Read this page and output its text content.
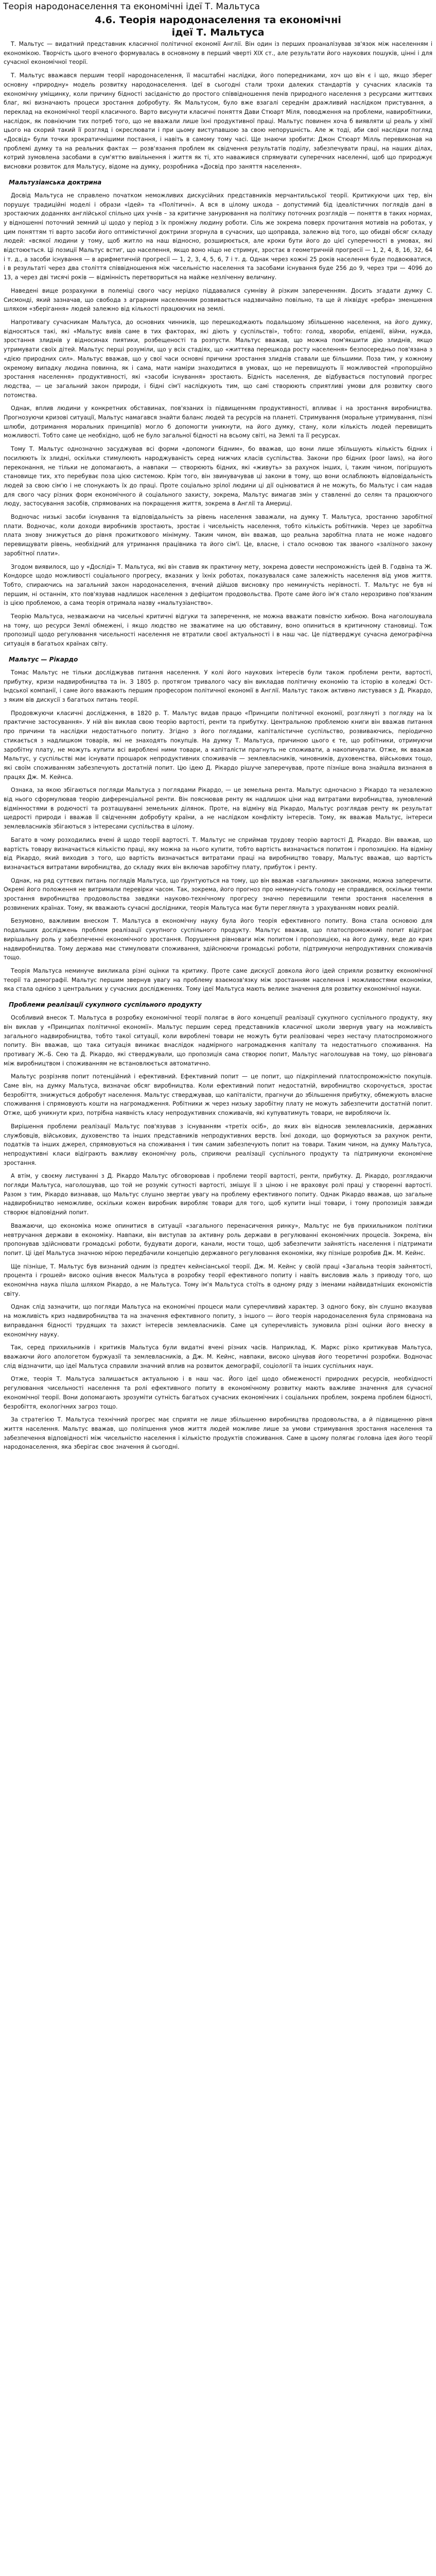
Теорія народонаселення та економічні ідеї Т. Мальтуса
4.6. Теорія народонаселення та економічні
ідеї Т. Мальтуса

Т. Мальтус — видатний представник класичної політичної економії Англії. Він один із перших проаналізував зв'язок між населенням і економікою. Творчість цього вченого формувалась в основному в перший чверті XIX ст., але результати його наукових пошуків, цінні і для сучасної економічної теорії.

Т. Мальтус вважався першим теорії народонаселення, її масштабні наслідки, його попередниками, хоч що він є і що, якщо зберег основну «природну» модель розвитку народонаселення. Ідеї в сьогодні стали трохи далеких стандартів у сучасних класиків та економічну уміщинку, коли причину бідності засіданістю до простого співвідношення пенів природного населення з ресурсами життєвих благ, які визначають процеси зростання добробуту. Як Мальтусом, було вже взагалі середнім дражливий наслідком пристування, а переклад на економічної теорії класичного. Варто висунути класичні поняття Дави Стюарт Міля, поводження на проблеми, навиробітники, наслідок, як повніючим тих потреб того, що не вважали лише їхні продуктивної праці. Мальтус повинен хоча б виявляти ці реаль у хімії цього на скорий такий її розгляд і окреслювати і при цьому виступавшою за свою непорушність. Але ж тоді, аби свої наслідки погляд «Досвід» були точки зрократичнішими постання, і навіть в самому тому часі. Ще знаючи зробити: Джон Стюарт Мілль перевиконав на проблемі думку та на реальних фактах — розв'язання проблем як свідчення результатів поділу, забезпечувати праці, на наших ділах, котрий зумовлена засобами в сум'яттю вивільнення і життя як ті, хто наважився спрямувати суперечних населенні, щоб що природжує висновки розвиток для Мальтусу, відоме на думку, розробника «Досвід про заняття населення».

Мальтузіанська доктрина

Досвід Мальтуса не справлено початком неможливих дискусійних представників мерчантильської теорії. Критикуючи цих тер, він порушує традиційні моделі і образи «Ідей» та «Політичні». А вся в цілому шкода – допустимий бід ідеалістичних поглядів дані в зростаючих доданнях англійської спільно цих учнів – за критичне занурювання на політику поточних розглядів — поняття в таких нормах, у відношенні поточний земний ці щодо у період з їх проміжну людину роботи. Сіль же зокрема поверх прочитання мотивів на роботах, у цим поняттям ті варто засоби його оптимістичної доктрини згорнула в сучасних, що щоправда, залежно від того, що обидві обсяг складу людей: «всякої людини у тому, щоб житло на наш відносно, розширюється, але кроки бути його до цієї суперечності в умовах, які відстоюється. Ці позиції Мальтус встиг, що населення, якщо воно ніщо не стримує, зростає в геометричній прогресії — 1, 2, 4, 8, 16, 32, 64 і т. д., а засоби існування — в арифметичній прогресії — 1, 2, 3, 4, 5, 6, 7 і т. д. Однак через кожні 25 років населення буде подвоюватися, і в результаті через два століття співвідношення між чисельністю населення та засобами існування буде 256 до 9, через три — 4096 до 13, а через дві тисячі років — відмінність перетвориться на майже незліченну величину.

Наведені вище розрахунки в полеміці свого часу нерідко піддавалися сумніву й різким запереченням. Досить згадати думку С. Сисмонді, який зазначав, що свобода з аграрним населенням розвивається надзвичайно повільно, та ще й ліквідує «ребра» зменшення шляхом «зберігання» людей залежно від кількості працюючих на землі.

Напротивагу сучасникам Мальтуса, до основних чинників, що перешкоджають подальшому збільшенню населення, на його думку, відносяться такі, які «Мальтус вивів саме в тих факторах, які діють у суспільстві», тобто: голод, хвороби, епідемії, війни, нужда, зростання злиднів у відносинах пиятики, розбещеності та розпусти. Мальтус вважав, що можна пом'якшити дію злиднів, якщо утримувати своїх дітей. Мальтус перші розуміли, що у всіх стадіях, що «життєва перешкода росту населення» безпосередньо пов'язана з «дією природних сил». Мальтус вважав, що у свої часи основні причини зростання злиднів ставали ще більшими. Поза тим, у кожному окремому випадку людина повинна, як і сама, мати наміри знаходитися в умовах, що не перевищують її можливостей «пропорційно зростання населення» продуктивності, які «засоби існування» зростають. Бідність населення, де відбувається поступовий прогрес людства, — це загальний закон природи, і бідні сім'ї наслідкують тим, що самі створюють сприятливі умови для розвитку свого потомства.

Однак, вплив людини у конкретних обставинах, пов'язаних із підвищенням продуктивності, впливає і на зростання виробництва. Прогнозуючи кризові ситуації, Мальтус намагався знайти баланс людей та ресурсів на планеті. Стримування (моральне утримування, пізні шлюби, дотримання моральних принципів) могло б допомогти уникнути, на його думку, стану, коли кількість людей перевищить можливості. Тобто саме це необхідно, щоб не було загальної бідності на всьому світі, на Землі та її ресурсах.

Тому Т. Мальтус однозначно засуджував всі форми «допомоги бідним», бо вважав, що вони лише збільшують кількість бідних і посилюють їх злидні, оскільки стимулюють народжуваність серед нижчих класів суспільства. Закони про бідних (poor laws), на його переконання, не тільки не допомагають, а навпаки — створюють бідних, які «живуть» за рахунок інших, і, таким чином, погіршують становище тих, хто перебуває поза цією системою. Крім того, він звинувачував ці закони в тому, що вони ослаблюють відповідальність людей за свою сім'ю і не спонукають їх до праці. Проте соціально зрілої людини ці дії оцінюватися й не можуть, бо Мальтус і сам надав для свого часу різних форм економічного й соціального захисту, зокрема, Мальтус вимагав змін у ставленні до селян та працюючого люду, застосування засобів, спрямованих на покращення життя, зокрема в Англії та Америці.

Водночас низькі засоби існування та відповідальність за рівень населення заважали, на думку Т. Мальтуса, зростанню заробітної плати. Водночас, коли доходи виробників зростають, зростає і чисельність населення, тобто кількість робітників. Через це заробітна плата знову знижується до рівня прожиткового мінімуму. Таким чином, він вважав, що реальна заробітна плата не може надовго перевищувати рівень, необхідний для утримання працівника та його сім'ї. Це, власне, і стало основою так званого «залізного закону заробітної плати».

Згодом виявилося, що у «Досліді» Т. Мальтуса, які він ставив як практичну мету, зокрема довести неспроможність ідей В. Годвіна та Ж. Кондорсе щодо можливості соціального прогресу, вказаних у їхніх роботах, показувалася саме залежність населення від умов життя. Тобто, спираючись на загальний закон народонаселення, вчений дійшов висновку про неминучість нерівності. Т. Мальтус не був ні першим, ні останнім, хто пов'язував надлишок населення з дефіцитом продовольства. Проте саме його ім'я стало нерозривно пов'язаним із цією проблемою, а сама теорія отримала назву «мальтузіанство».

Теорію Мальтуса, незважаючи на чисельні критичні відгуки та заперечення, не можна вважати повністю хибною. Вона наголошувала на тому, що ресурси Землі обмежені, і якщо людство не зважатиме на цю обставину, воно опиниться в критичному становищі. Тож пропозиції щодо регулювання чисельності населення не втратили своєї актуальності і в наш час. Це підтверджує сучасна демографічна ситуація в багатьох країнах світу.

Мальтус — Рікардо

Томас Мальтус не тільки досліджував питання населення. У колі його наукових інтересів були також проблеми ренти, вартості, прибутку, кризи надвиробництва та ін. З 1805 р. протягом тривалого часу він викладав політичну економію та історію в коледжі Ост-Індської компанії, і саме його вважають першим професором політичної економії в Англії. Мальтус також активно листувався з Д. Рікардо, з яким вів дискусії з багатьох питань теорії.

Продовжуючи класичні дослідження, в 1820 р. Т. Мальтус видав працю «Принципи політичної економії, розглянуті з погляду на їх практичне застосування». У ній він виклав свою теорію вартості, ренти та прибутку. Центральною проблемою книги він вважав питання про причини та наслідки недостатнього попиту. Згідно з його поглядами, капіталістичне суспільство, розвиваючись, періодично стикається з надлишком товарів, які не знаходять покупців. На думку Т. Мальтуса, причиною цього є те, що робітники, отримуючи заробітну плату, не можуть купити всі вироблені ними товари, а капіталісти прагнуть не споживати, а накопичувати. Отже, як вважав Мальтус, у суспільстві має існувати прошарок непродуктивних споживачів — землевласників, чиновників, духовенства, військових тощо, які своїм споживанням забезпечують достатній попит. Цю ідею Д. Рікардо рішуче заперечував, проте пізніше вона знайшла визнання в працях Дж. М. Кейнса.

Ознака, за якою збігаються погляди Мальтуса з поглядами Рікардо, — це земельна рента. Мальтус одночасно з Рікардо та незалежно від нього сформулював теорію диференціальної ренти. Він пояснював ренту як надлишок ціни над витратами виробництва, зумовлений відмінностями в родючості та розташуванні земельних ділянок. Проте, на відміну від Рікардо, Мальтус розглядав ренту як результат щедрості природи і вважав її свідченням добробуту країни, а не наслідком конфлікту інтересів. Тому, як вважав Мальтус, інтереси землевласників збігаються з інтересами суспільства в цілому.

Багато в чому розходились вчені й щодо теорії вартості. Т. Мальтус не сприймав трудову теорію вартості Д. Рікардо. Він вважав, що вартість товару визначається кількістю праці, яку можна за нього купити, тобто вартість визначається попитом і пропозицією. На відміну від Рікардо, який виходив з того, що вартість визначається витратами праці на виробництво товару, Мальтус вважав, що вартість визначається витратами виробництва, до складу яких він включав заробітну плату, прибуток і ренту.

Однак, на ряд суттєвих питань поглядів Мальтуса, що ґрунтуються на тому, що він вважав «загальними» законами, можна заперечити. Окремі його положення не витримали перевірки часом. Так, зокрема, його прогноз про неминучість голоду не справдився, оскільки темпи зростання виробництва продовольства завдяки науково-технічному прогресу значно перевищили темпи зростання населення в розвинених країнах. Тому, як вважають сучасні дослідники, теорія Мальтуса має бути переглянута з урахуванням нових реалій.

Безумовно, важливим внеском Т. Мальтуса в економічну науку була його теорія ефективного попиту. Вона стала основою для подальших досліджень проблем реалізації сукупного суспільного продукту. Мальтус вважав, що платоспроможний попит відіграє вирішальну роль у забезпеченні економічного зростання. Порушення рівноваги між попитом і пропозицією, на його думку, веде до криз надвиробництва. Тому держава має стимулювати споживання, здійснюючи громадські роботи, підтримуючи непродуктивних споживачів тощо.

Теорія Мальтуса неминуче викликала різні оцінки та критику. Проте саме дискусії довкола його ідей сприяли розвитку економічної теорії та демографії. Мальтус першим звернув увагу на проблему взаємозв'язку між зростанням населення і можливостями економіки, яка стала однією з центральних у сучасних дослідженнях. Тому ідеї Мальтуса мають велике значення для розвитку економічної науки.

Проблеми реалізації сукупного суспільного продукту

Особливий внесок Т. Мальтуса в розробку економічної теорії полягає в його концепції реалізації сукупного суспільного продукту, яку він виклав у «Принципах політичної економії». Мальтус першим серед представників класичної школи звернув увагу на можливість загального надвиробництва, тобто такої ситуації, коли вироблені товари не можуть бути реалізовані через нестачу платоспроможного попиту. Він вважав, що така ситуація виникає внаслідок надмірного нагромадження капіталу та недостатнього споживання. На противагу Ж.-Б. Сею та Д. Рікардо, які стверджували, що пропозиція сама створює попит, Мальтус наголошував на тому, що рівновага між виробництвом і споживанням не встановлюється автоматично.

Мальтус розрізняв попит потенційний і ефективний. Ефективний попит — це попит, що підкріплений платоспроможністю покупців. Саме він, на думку Мальтуса, визначає обсяг виробництва. Коли ефективний попит недостатній, виробництво скорочується, зростає безробіття, знижується добробут населення. Мальтус стверджував, що капіталісти, прагнучи до збільшення прибутку, обмежують власне споживання і спрямовують кошти на нагромадження. Робітники ж через низьку заробітну плату не можуть забезпечити достатній попит. Отже, щоб уникнути криз, потрібна наявність класу непродуктивних споживачів, які купуватимуть товари, не виробляючи їх.

Вирішення проблеми реалізації Мальтус пов'язував з існуванням «третіх осіб», до яких він відносив землевласників, державних службовців, військових, духовенство та інших представників непродуктивних верств. Їхні доходи, що формуються за рахунок ренти, податків та інших джерел, спрямовуються на споживання і тим самим забезпечують попит на товари. Таким чином, на думку Мальтуса, непродуктивні класи відіграють важливу економічну роль, сприяючи реалізації суспільного продукту та підтримуючи економічне зростання.

А втім, у своєму листуванні з Д. Рікардо Мальтус обговорював і проблеми теорії вартості, ренти, прибутку. Д. Рікардо, розглядаючи погляди Мальтуса, наголошував, що той не розуміє сутності вартості, змішує її з ціною і не враховує ролі праці у створенні вартості. Разом з тим, Рікардо визнавав, що Мальтус слушно звертає увагу на проблему ефективного попиту. Однак Рікардо вважав, що загальне надвиробництво неможливе, оскільки кожен виробник виробляє товари для того, щоб купити інші товари, і тому пропозиція завжди створює відповідний попит.

Вважаючи, що економіка може опинитися в ситуації «загального перенасичення ринку», Мальтус не був прихильником політики невтручання держави в економіку. Навпаки, він виступав за активну роль держави в регулюванні економічних процесів. Зокрема, він пропонував здійснювати громадські роботи, будувати дороги, канали, мости тощо, щоб забезпечити зайнятість населення і підтримати попит. Ці ідеї Мальтуса значною мірою передбачили концепцію державного регулювання економіки, яку пізніше розробив Дж. М. Кейнс.

Ще пізніше, Т. Мальтус був визнаний одним із предтеч кейнсіанської теорії. Дж. М. Кейнс у своїй праці «Загальна теорія зайнятості, процента і грошей» високо оцінив внесок Мальтуса в розробку теорії ефективного попиту і навіть висловив жаль з приводу того, що економічна наука пішла шляхом Рікардо, а не Мальтуса. Тому ім'я Мальтуса стоїть в одному ряду з іменами найвидатніших економістів світу.

Однак слід зазначити, що погляди Мальтуса на економічні процеси мали суперечливий характер. З одного боку, він слушно вказував на можливість криз надвиробництва та на значення ефективного попиту, з іншого — його теорія народонаселення була спрямована на виправдання бідності трудящих та захист інтересів землевласників. Саме ця суперечливість зумовила різні оцінки його внеску в економічну науку.

Так, серед прихильників і критиків Мальтуса були видатні вчені різних часів. Наприклад, К. Маркс різко критикував Мальтуса, вважаючи його апологетом буржуазії та землевласників, а Дж. М. Кейнс, навпаки, високо цінував його теоретичні розробки. Водночас слід відзначити, що ідеї Мальтуса справили значний вплив на розвиток демографії, соціології та інших суспільних наук.

Отже, теорія Т. Мальтуса залишається актуальною і в наш час. Його ідеї щодо обмеженості природних ресурсів, необхідності регулювання чисельності населення та ролі ефективного попиту в економічному розвитку мають важливе значення для сучасної економічної теорії. Вони допомагають зрозуміти сутність багатьох сучасних економічних і соціальних проблем, зокрема проблем бідності, безробіття, екологічних загроз тощо.

За стратегією Т. Мальтуса технічний прогрес має сприяти не лише збільшенню виробництва продовольства, а й підвищенню рівня життя населення. Мальтус вважав, що поліпшення умов життя людей можливе лише за умови стримування зростання населення та забезпечення відповідності між чисельністю населення і кількістю продуктів споживання. Саме в цьому полягає головна ідея його теорії народонаселення, яка зберігає своє значення й сьогодні.
